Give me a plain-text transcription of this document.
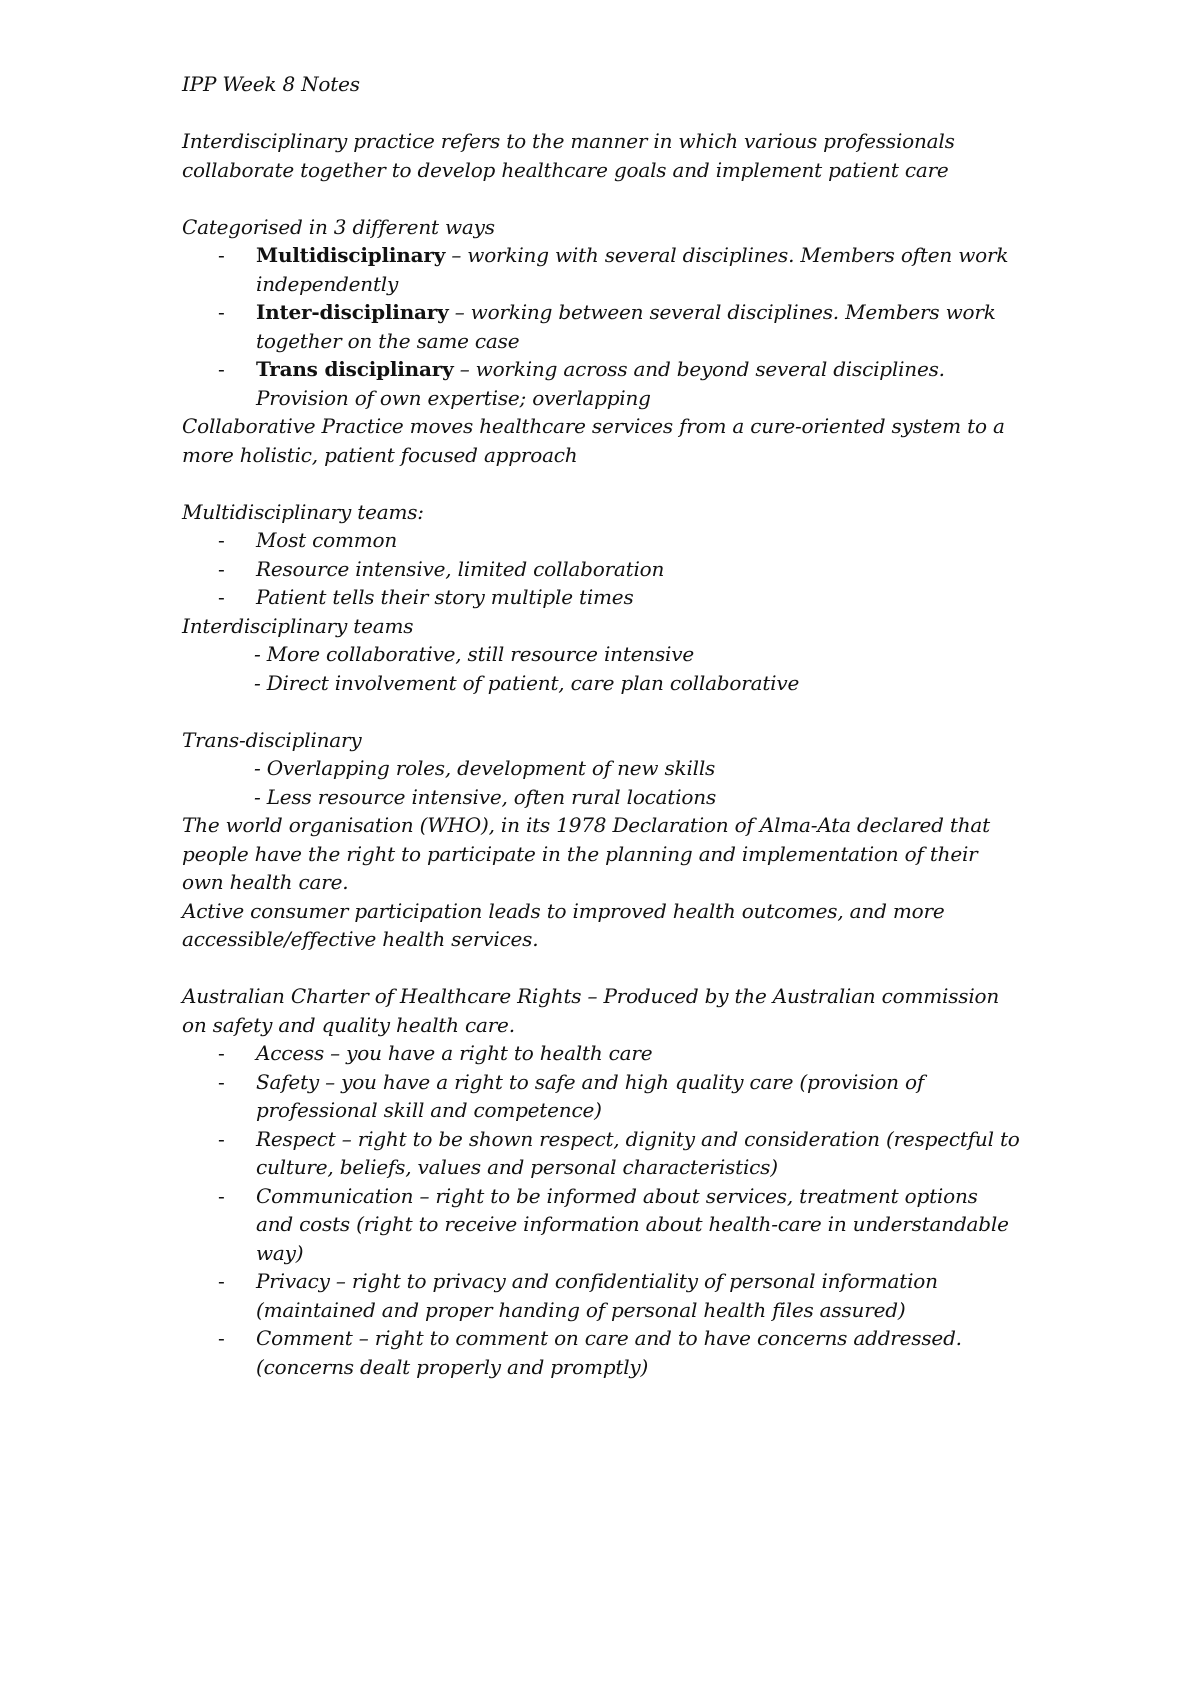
IPP Week 8 Notes
Interdisciplinary practice refers to the manner in which various professionals
collaborate together to develop healthcare goals and implement patient care
Categorised in 3 different ways
- Multidisciplinary – working with several disciplines. Members often work
independently
- Inter-disciplinary – working between several disciplines. Members work
together on the same case
- Trans disciplinary – working across and beyond several disciplines.
Provision of own expertise; overlapping
Collaborative Practice moves healthcare services from a cure-oriented system to a
more holistic, patient focused approach
Multidisciplinary teams:
- Most common
- Resource intensive, limited collaboration
- Patient tells their story multiple times
Interdisciplinary teams
- More collaborative, still resource intensive
- Direct involvement of patient, care plan collaborative
Trans-disciplinary
- Overlapping roles, development of new skills
- Less resource intensive, often rural locations
The world organisation (WHO), in its 1978 Declaration of Alma-Ata declared that
people have the right to participate in the planning and implementation of their
own health care.
Active consumer participation leads to improved health outcomes, and more
accessible/effective health services.
Australian Charter of Healthcare Rights – Produced by the Australian commission
on safety and quality health care.
- Access – you have a right to health care
- Safety – you have a right to safe and high quality care (provision of
professional skill and competence)
- Respect – right to be shown respect, dignity and consideration (respectful to
culture, beliefs, values and personal characteristics)
- Communication – right to be informed about services, treatment options
and costs (right to receive information about health-care in understandable
way)
- Privacy – right to privacy and confidentiality of personal information
(maintained and proper handing of personal health files assured)
- Comment – right to comment on care and to have concerns addressed.
(concerns dealt properly and promptly)
